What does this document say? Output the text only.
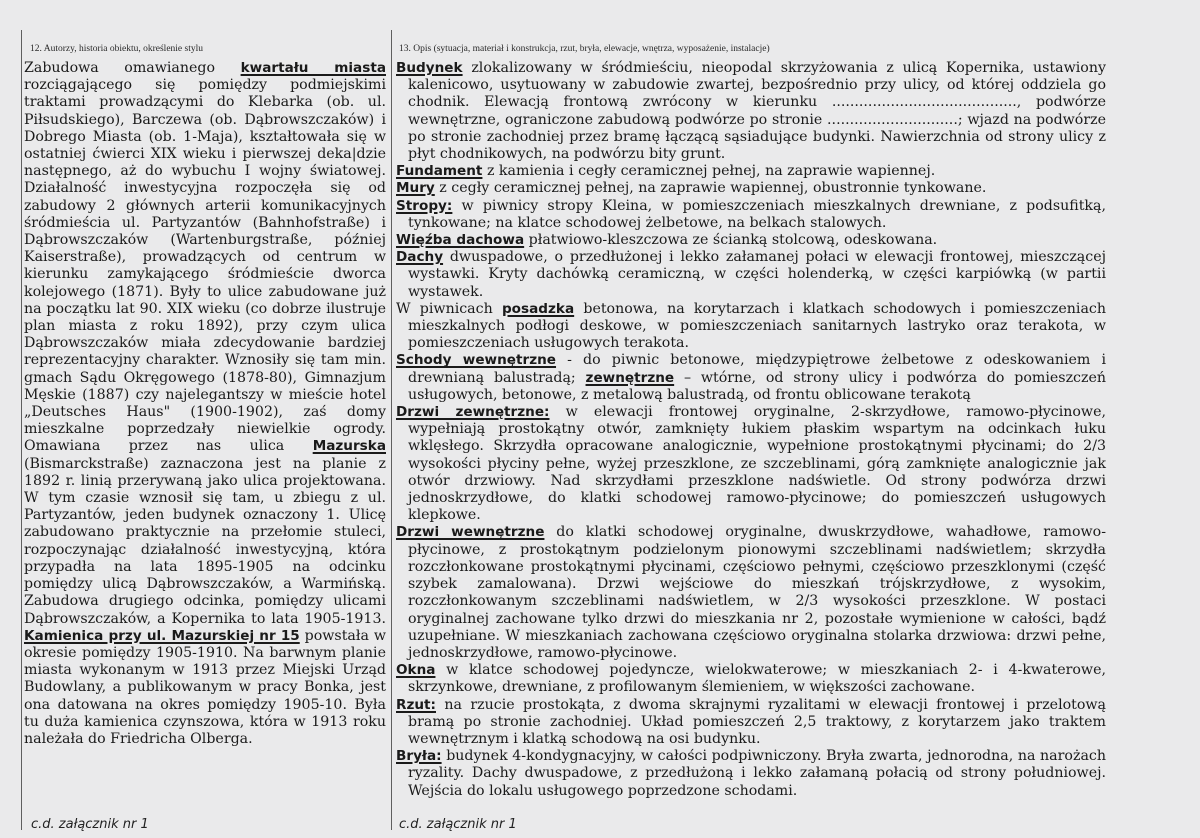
12. Autorzy, historia obiektu, określenie stylu	13. Opis (sytuacja, materiał i konstrukcja, rzut, bryła, elewacje, wnętrza, wyposażenie, instalacje)

Zabudowa omawianego kwartału miasta rozciągającego się pomiędzy podmiejskimi traktami prowadzącymi do Klebarka (ob. ul. Piłsudskiego), Barczewa (ob. Dąbrowszczaków) i Dobrego Miasta (ob. 1-Maja), kształtowała się w ostatniej ćwierci XIX wieku i pierwszej deka|dzie następnego, aż do wybuchu I wojny światowej. Działalność inwestycyjna rozpoczęła się od zabudowy 2 głównych arterii komunikacyjnych śródmieścia ul. Partyzantów (Bahnhofstraße) i Dąbrowszczaków (Wartenburgstraße, później Kaiserstraße), prowadzących od centrum w kierunku zamykającego śródmieście dworca kolejowego (1871). Były to ulice zabudowane już na początku lat 90. XIX wieku (co dobrze ilustruje plan miasta z roku 1892), przy czym ulica Dąbrowszczaków miała zdecydowanie bardziej reprezentacyjny charakter. Wznosiły się tam min. gmach Sądu Okręgowego (1878-80), Gimnazjum Męskie (1887) czy najelegantszy w mieście hotel „Deutsches Haus" (1900-1902), zaś domy mieszkalne poprzedzały niewielkie ogrody. Omawiana przez nas ulica Mazurska (Bismarckstraße) zaznaczona jest na planie z 1892 r. linią przerywaną jako ulica projektowana. W tym czasie wznosił się tam, u zbiegu z ul. Partyzantów, jeden budynek oznaczony 1. Ulicę zabudowano praktycznie na przełomie stuleci, rozpoczynając działalność inwestycyjną, która przypadła na lata 1895-1905 na odcinku pomiędzy ulicą Dąbrowszczaków, a Warmińską. Zabudowa drugiego odcinka, pomiędzy ulicami Dąbrowszczaków, a Kopernika to lata 1905-1913. Kamienica przy ul. Mazurskiej nr 15 powstała w okresie pomiędzy 1905-1910. Na barwnym planie miasta wykonanym w 1913 przez Miejski Urząd Budowlany, a publikowanym w pracy Bonka, jest ona datowana na okres pomiędzy 1905-10. Była tu duża kamienica czynszowa, która w 1913 roku należała do Friedricha Olberga.

Budynek zlokalizowany w śródmieściu, nieopodal skrzyżowania z ulicą Kopernika, ustawiony kalenicowo, usytuowany w zabudowie zwartej, bezpośrednio przy ulicy, od której oddziela go chodnik. Elewacją frontową zwrócony w kierunku ........................................., podwórze wewnętrzne, ograniczone zabudową podwórze po stronie .............................; wjazd na podwórze po stronie zachodniej przez bramę łączącą sąsiadujące budynki. Nawierzchnia od strony ulicy z płyt chodnikowych, na podwórzu bity grunt.

Fundament z kamienia i cegły ceramicznej pełnej, na zaprawie wapiennej.

Mury z cegły ceramicznej pełnej, na zaprawie wapiennej, obustronnie tynkowane.

Stropy: w piwnicy stropy Kleina, w pomieszczeniach mieszkalnych drewniane, z podsufitką, tynkowane; na klatce schodowej żelbetowe, na belkach stalowych.

Więźba dachowa płatwiowo-kleszczowa ze ścianką stolcową, odeskowana.

Dachy dwuspadowe, o przedłużonej i lekko załamanej połaci w elewacji frontowej, mieszczącej wystawki. Kryty dachówką ceramiczną, w części holenderką, w części karpiówką (w partii wystawek.

W piwnicach posadzka betonowa, na korytarzach i klatkach schodowych i pomieszczeniach mieszkalnych podłogi deskowe, w pomieszczeniach sanitarnych lastryko oraz terakota, w pomieszczeniach usługowych terakota.

Schody wewnętrzne - do piwnic betonowe, międzypiętrowe żelbetowe z odeskowaniem i drewnianą balustradą; zewnętrzne – wtórne, od strony ulicy i podwórza do pomieszczeń usługowych, betonowe, z metalową balustradą, od frontu oblicowane terakotą

Drzwi zewnętrzne: w elewacji frontowej oryginalne, 2-skrzydłowe, ramowo-płycinowe, wypełniają prostokątny otwór, zamknięty łukiem płaskim wspartym na odcinkach łuku wklęsłego. Skrzydła opracowane analogicznie, wypełnione prostokątnymi płycinami; do 2/3 wysokości płyciny pełne, wyżej przeszklone, ze szczeblinami, górą zamknięte analogicznie jak otwór drzwiowy. Nad skrzydłami przeszklone nadświetle. Od strony podwórza drzwi jednoskrzydłowe, do klatki schodowej ramowo-płycinowe; do pomieszczeń usługowych klepkowe.

Drzwi wewnętrzne do klatki schodowej oryginalne, dwuskrzydłowe, wahadłowe, ramowo-płycinowe, z prostokątnym podzielonym pionowymi szczeblinami nadświetlem; skrzydła rozczłonkowane prostokątnymi płycinami, częściowo pełnymi, częściowo przeszklonymi (część szybek zamalowana). Drzwi wejściowe do mieszkań trójskrzydłowe, z wysokim, rozczłonkowanym szczeblinami nadświetlem, w 2/3 wysokości przeszklone. W postaci oryginalnej zachowane tylko drzwi do mieszkania nr 2, pozostałe wymienione w całości, bądź uzupełniane. W mieszkaniach zachowana częściowo oryginalna stolarka drzwiowa: drzwi pełne, jednoskrzydłowe, ramowo-płycinowe.

Okna w klatce schodowej pojedyncze, wielokwaterowe; w mieszkaniach 2- i 4-kwaterowe, skrzynkowe, drewniane, z profilowanym ślemieniem, w większości zachowane.

Rzut: na rzucie prostokąta, z dwoma skrajnymi ryzalitami w elewacji frontowej i przelotową bramą po stronie zachodniej. Układ pomieszczeń 2,5 traktowy, z korytarzem jako traktem wewnętrznym i klatką schodową na osi budynku.

Bryła: budynek 4-kondygnacyjny, w całości podpiwniczony. Bryła zwarta, jednorodna, na narożach ryzality. Dachy dwuspadowe, z przedłużoną i lekko załamaną połacią od strony południowej. Wejścia do lokalu usługowego poprzedzone schodami.

c.d. załącznik nr 1	c.d. załącznik nr 1
